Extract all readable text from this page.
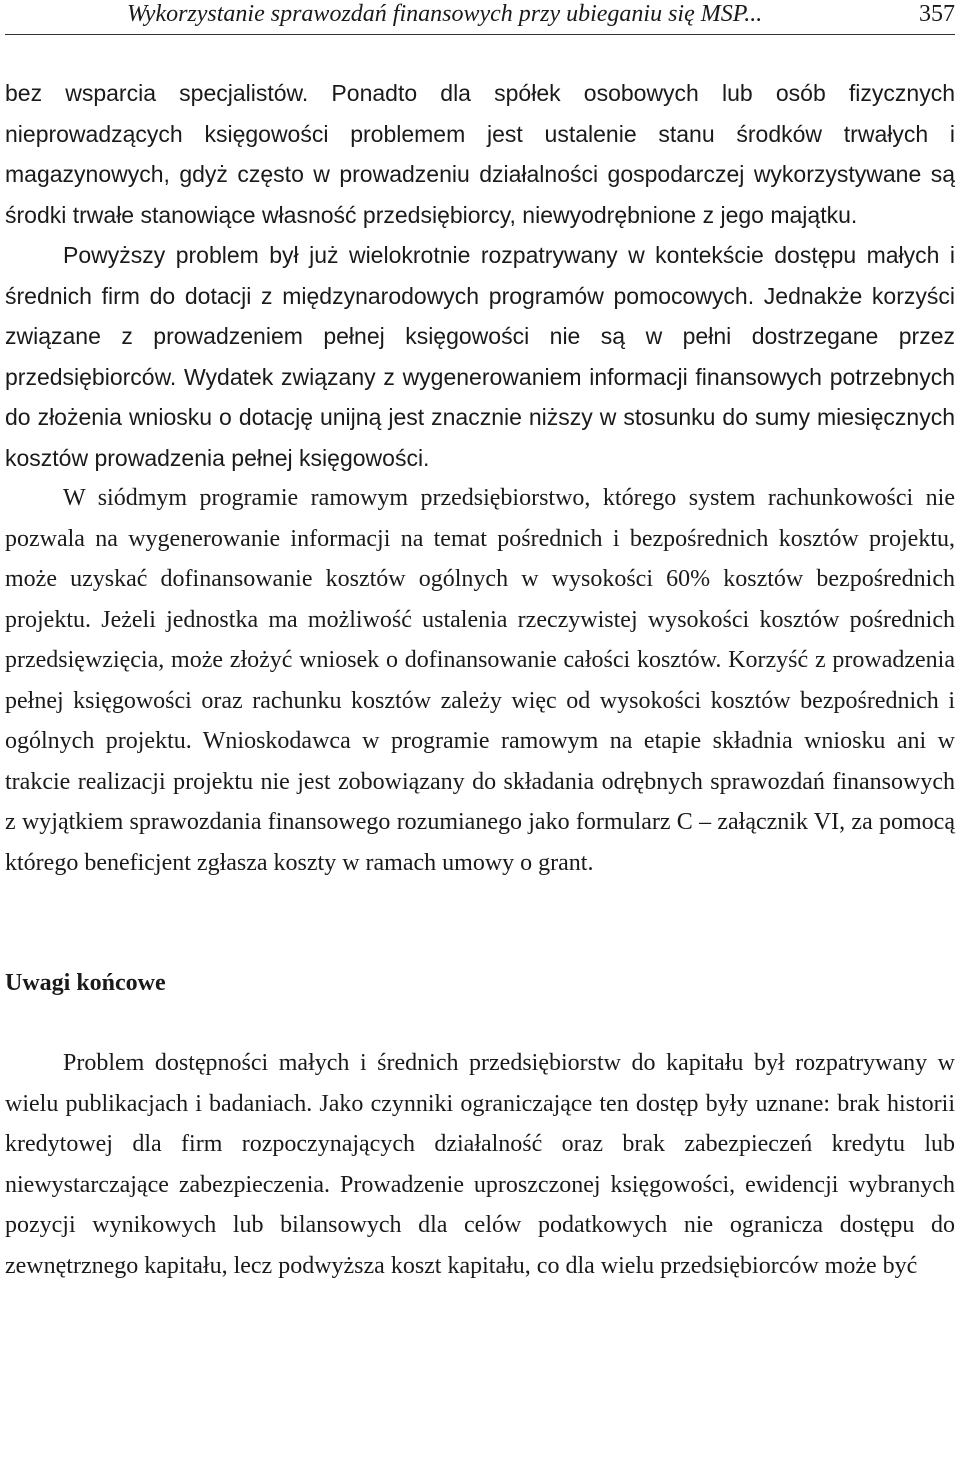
Wykorzystanie sprawozdań finansowych przy ubieganiu się MSP...	357

bez wsparcia specjalistów. Ponadto dla spółek osobowych lub osób fizycznych nieprowadzących księgowości problemem jest ustalenie stanu środków trwałych i magazynowych, gdyż często w prowadzeniu działalności gospodarczej wykorzystywane są środki trwałe stanowiące własność przedsiębiorcy, niewyodrębnione z jego majątku.

Powyższy problem był już wielokrotnie rozpatrywany w kontekście dostępu małych i średnich firm do dotacji z międzynarodowych programów pomocowych. Jednakże korzyści związane z prowadzeniem pełnej księgowości nie są w pełni dostrzegane przez przedsiębiorców. Wydatek związany z wygenerowaniem informacji finansowych potrzebnych do złożenia wniosku o dotację unijną jest znacznie niższy w stosunku do sumy miesięcznych kosztów prowadzenia pełnej księgowości.

W siódmym programie ramowym przedsiębiorstwo, którego system rachunkowości nie pozwala na wygenerowanie informacji na temat pośrednich i bezpośrednich kosztów projektu, może uzyskać dofinansowanie kosztów ogólnych w wysokości 60% kosztów bezpośrednich projektu. Jeżeli jednostka ma możliwość ustalenia rzeczywistej wysokości kosztów pośrednich przedsięwzięcia, może złożyć wniosek o dofinansowanie całości kosztów. Korzyść z prowadzenia pełnej księgowości oraz rachunku kosztów zależy więc od wysokości kosztów bezpośrednich i ogólnych projektu. Wnioskodawca w programie ramowym na etapie składnia wniosku ani w trakcie realizacji projektu nie jest zobowiązany do składania odrębnych sprawozdań finansowych z wyjątkiem sprawozdania finansowego rozumianego jako formularz C – załącznik VI, za pomocą którego beneficjent zgłasza koszty w ramach umowy o grant.

Uwagi końcowe

Problem dostępności małych i średnich przedsiębiorstw do kapitału był rozpatrywany w wielu publikacjach i badaniach. Jako czynniki ograniczające ten dostęp były uznane: brak historii kredytowej dla firm rozpoczynających działalność oraz brak zabezpieczeń kredytu lub niewystarczające zabezpieczenia. Prowadzenie uproszczonej księgowości, ewidencji wybranych pozycji wynikowych lub bilansowych dla celów podatkowych nie ogranicza dostępu do zewnętrznego kapitału, lecz podwyższa koszt kapitału, co dla wielu przedsiębiorców może być
